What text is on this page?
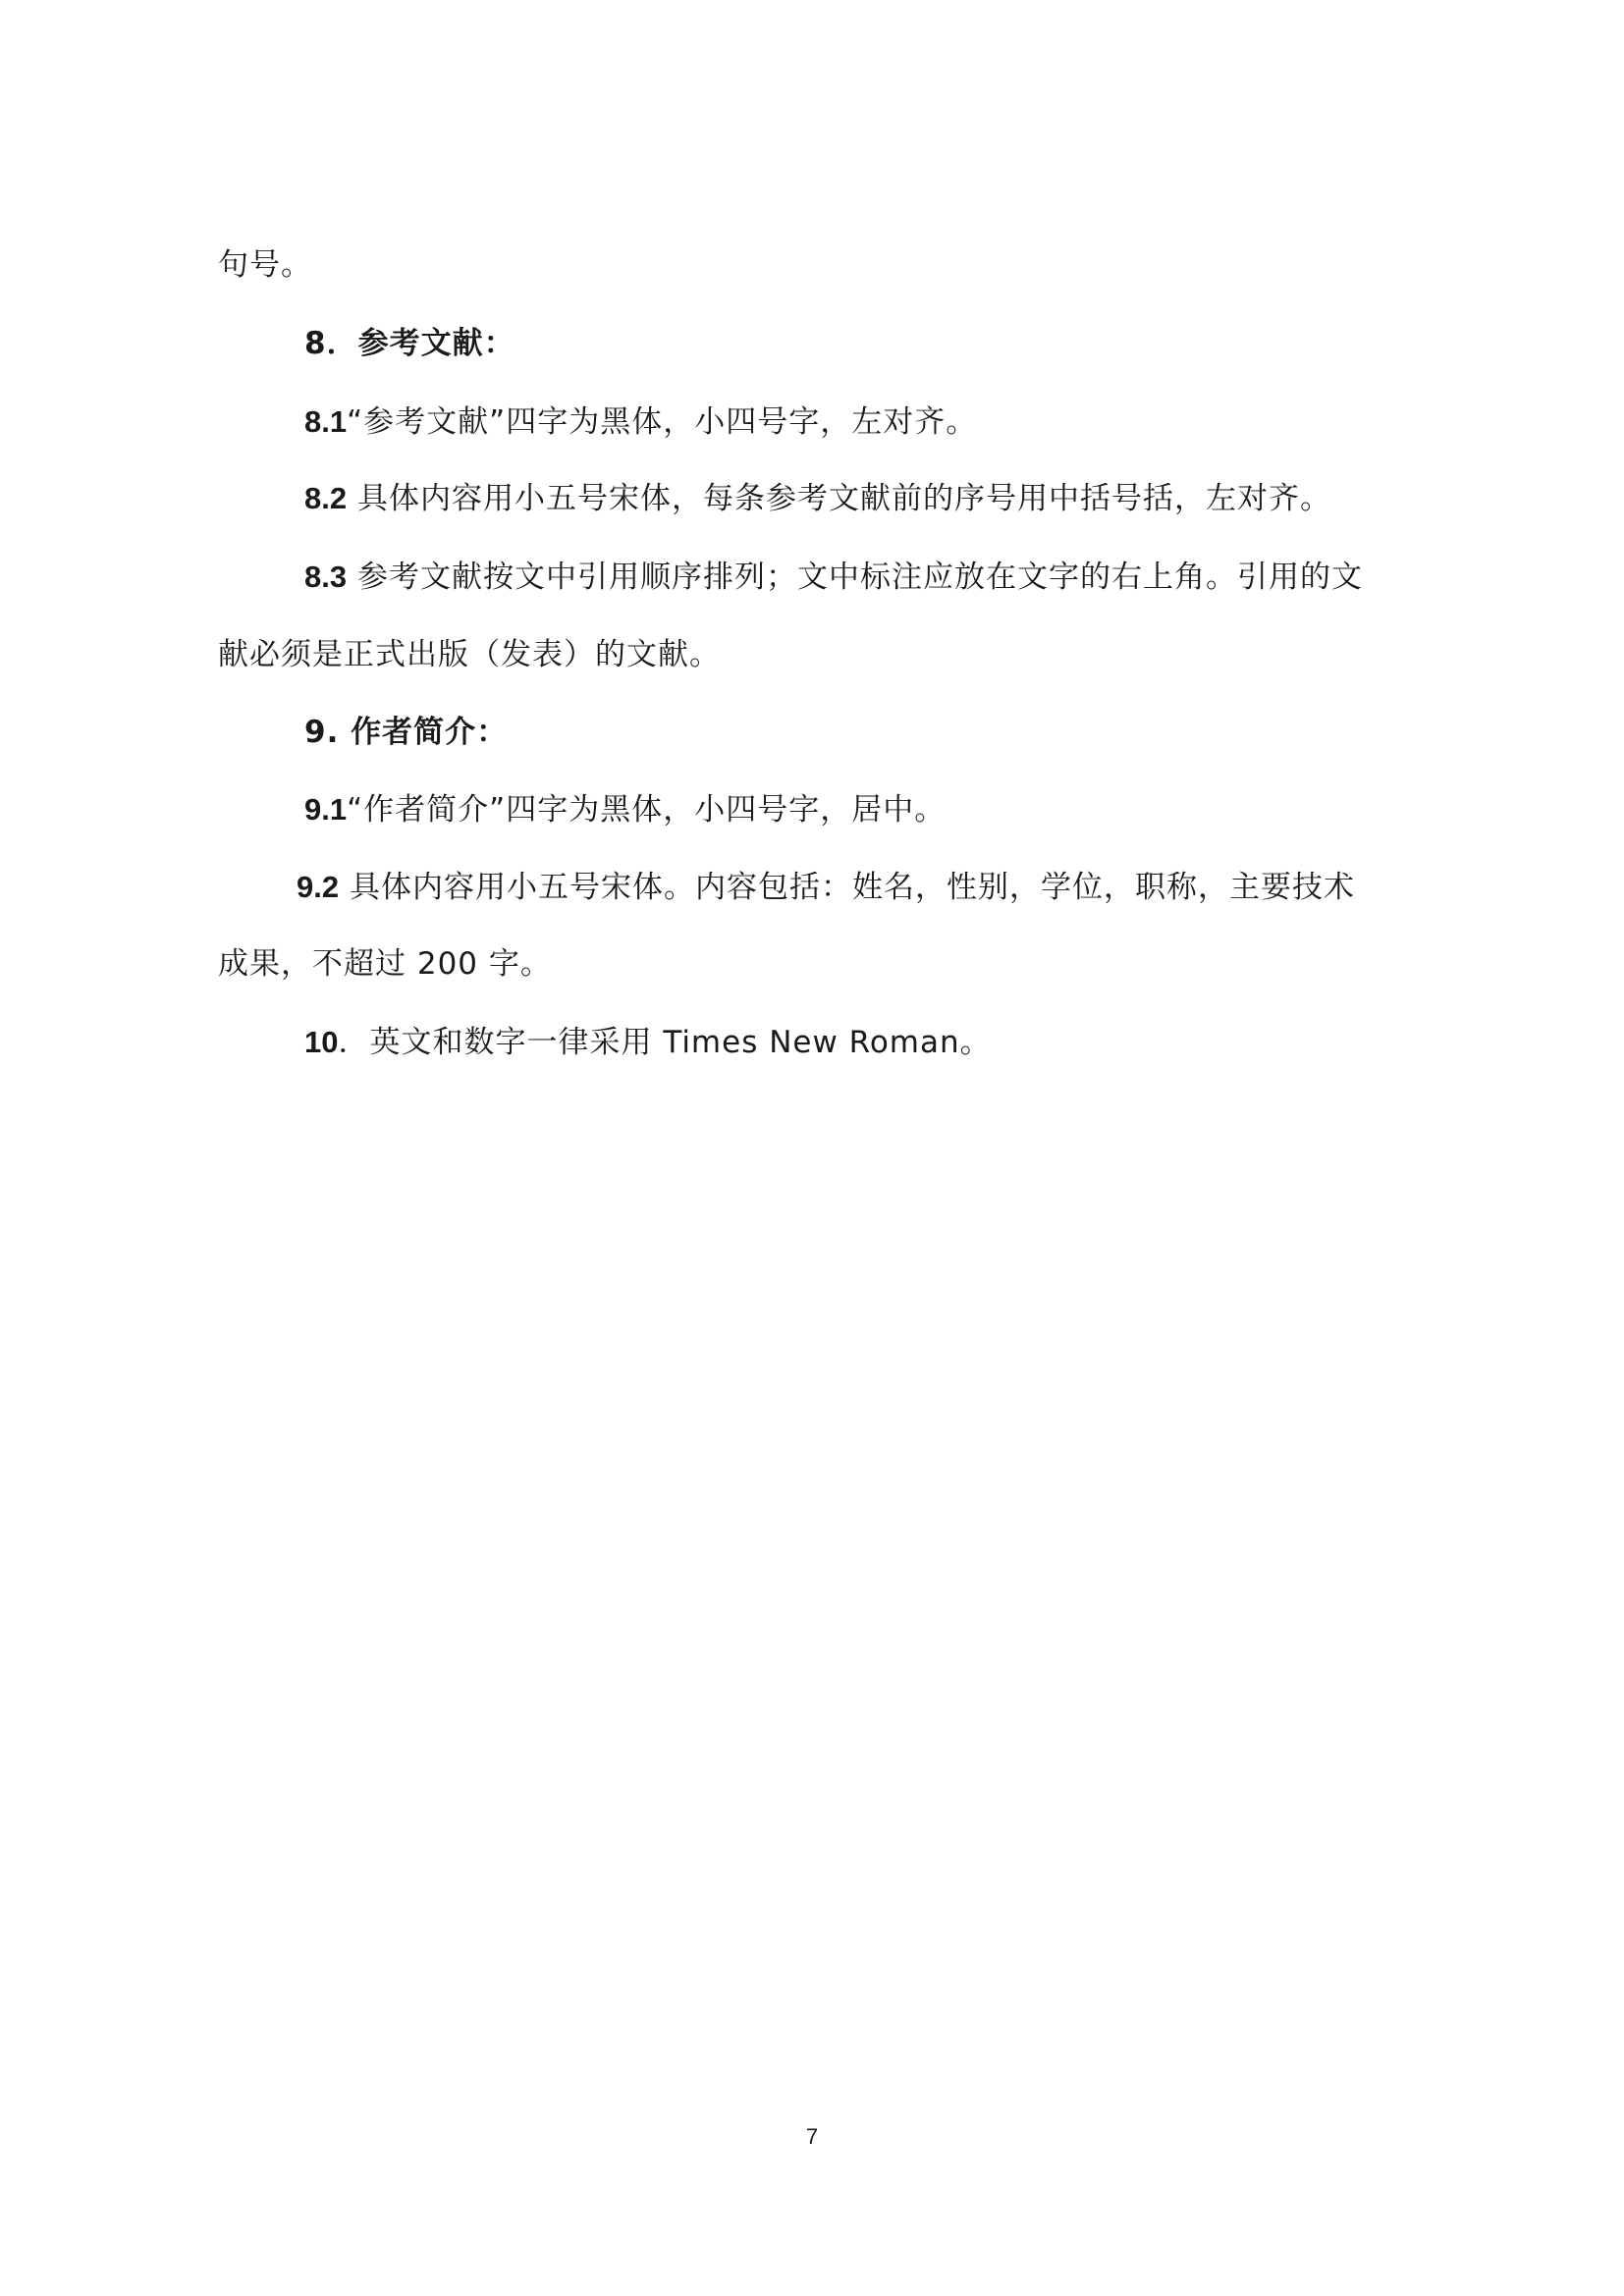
句号。
8．参考文献：
8.1“参考文献”四字为黑体，小四号字，左对齐。
8.2 具体内容用小五号宋体，每条参考文献前的序号用中括号括，左对齐。
8.3 参考文献按文中引用顺序排列；文中标注应放在文字的右上角。引用的文
献必须是正式出版（发表）的文献。
9. 作者简介：
9.1“作者简介”四字为黑体，小四号字，居中。
9.2 具体内容用小五号宋体。内容包括：姓名，性别，学位，职称，主要技术
成果，不超过 200 字。
10．英文和数字一律采用 Times New Roman。
7
